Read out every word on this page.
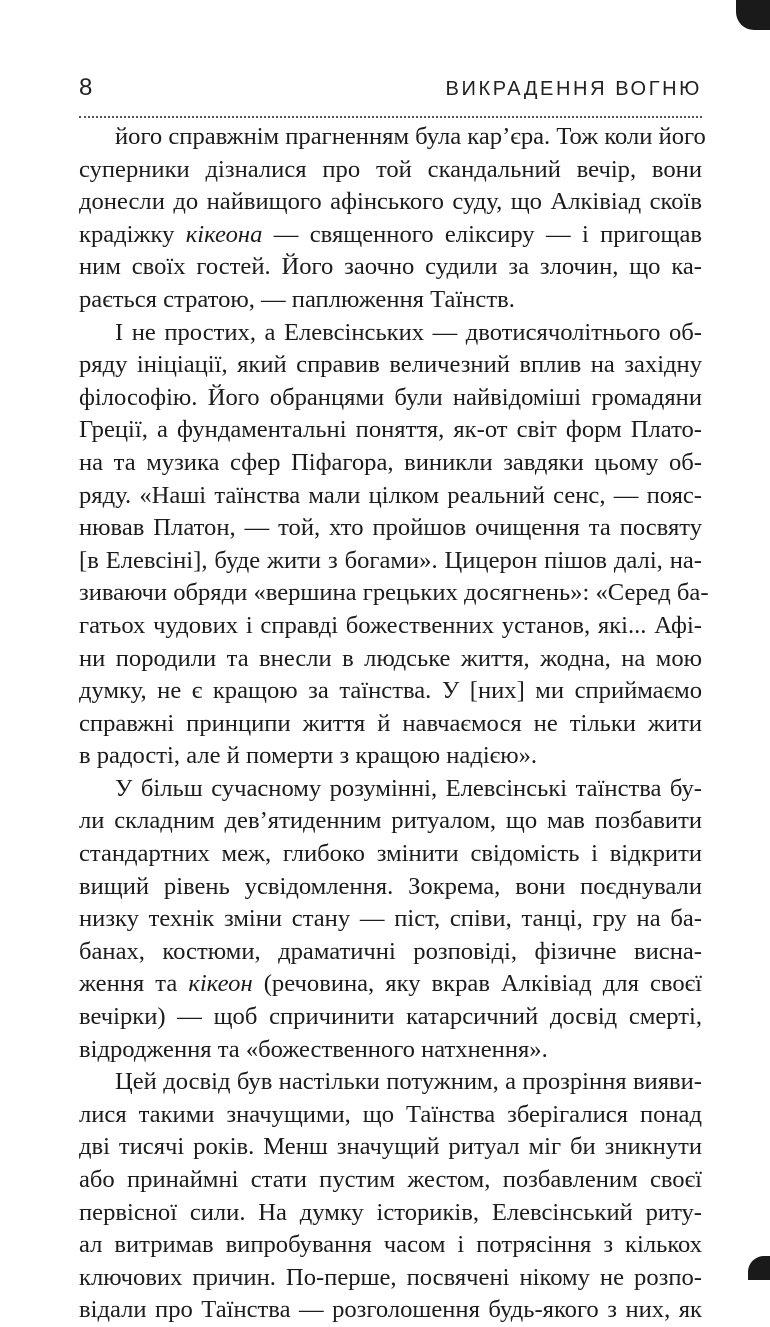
8	ВИКРАДЕННЯ ВОГНЮ
його справжнім прагненням була кар’єра. Тож коли його
суперники дізналися про той скандальний вечір, вони
донесли до найвищого афінського суду, що Алківіад скоїв
крадіжку кікеона — священного еліксиру — і пригощав
ним своїх гостей. Його заочно судили за злочин, що ка-
рається стратою, — паплюження Таїнств.
І не простих, а Елевсінських — двотисячолітнього об-
ряду ініціації, який справив величезний вплив на західну
філософію. Його обранцями були найвідоміші громадяни
Греції, а фундаментальні поняття, як-от світ форм Плато-
на та музика сфер Піфагора, виникли завдяки цьому об-
ряду. «Наші таїнства мали цілком реальний сенс, — пояс-
нював Платон, — той, хто пройшов очищення та посвяту
[в Елевсіні], буде жити з богами». Цицерон пішов далі, на-
зиваючи обряди «вершина грецьких досягнень»: «Серед ба-
гатьох чудових і справді божественних установ, які... Афі-
ни породили та внесли в людське життя, жодна, на мою
думку, не є кращою за таїнства. У [них] ми сприймаємо
справжні принципи життя й навчаємося не тільки жити
в радості, але й померти з кращою надією».
У більш сучасному розумінні, Елевсінські таїнства бу-
ли складним дев’ятиденним ритуалом, що мав позбавити
стандартних меж, глибоко змінити свідомість і відкрити
вищий рівень усвідомлення. Зокрема, вони поєднували
низку технік зміни стану — піст, співи, танці, гру на ба-
банах, костюми, драматичні розповіді, фізичне висна-
ження та кікеон (речовина, яку вкрав Алківіад для своєї
вечірки) — щоб спричинити катарсичний досвід смерті,
відродження та «божественного натхнення».
Цей досвід був настільки потужним, а прозріння вияви-
лися такими значущими, що Таїнства зберігалися понад
дві тисячі років. Менш значущий ритуал міг би зникнути
або принаймні стати пустим жестом, позбавленим своєї
первісної сили. На думку істориків, Елевсінський риту-
ал витримав випробування часом і потрясіння з кількох
ключових причин. По-перше, посвячені нікому не розпо-
відали про Таїнства — розголошення будь-якого з них, як
